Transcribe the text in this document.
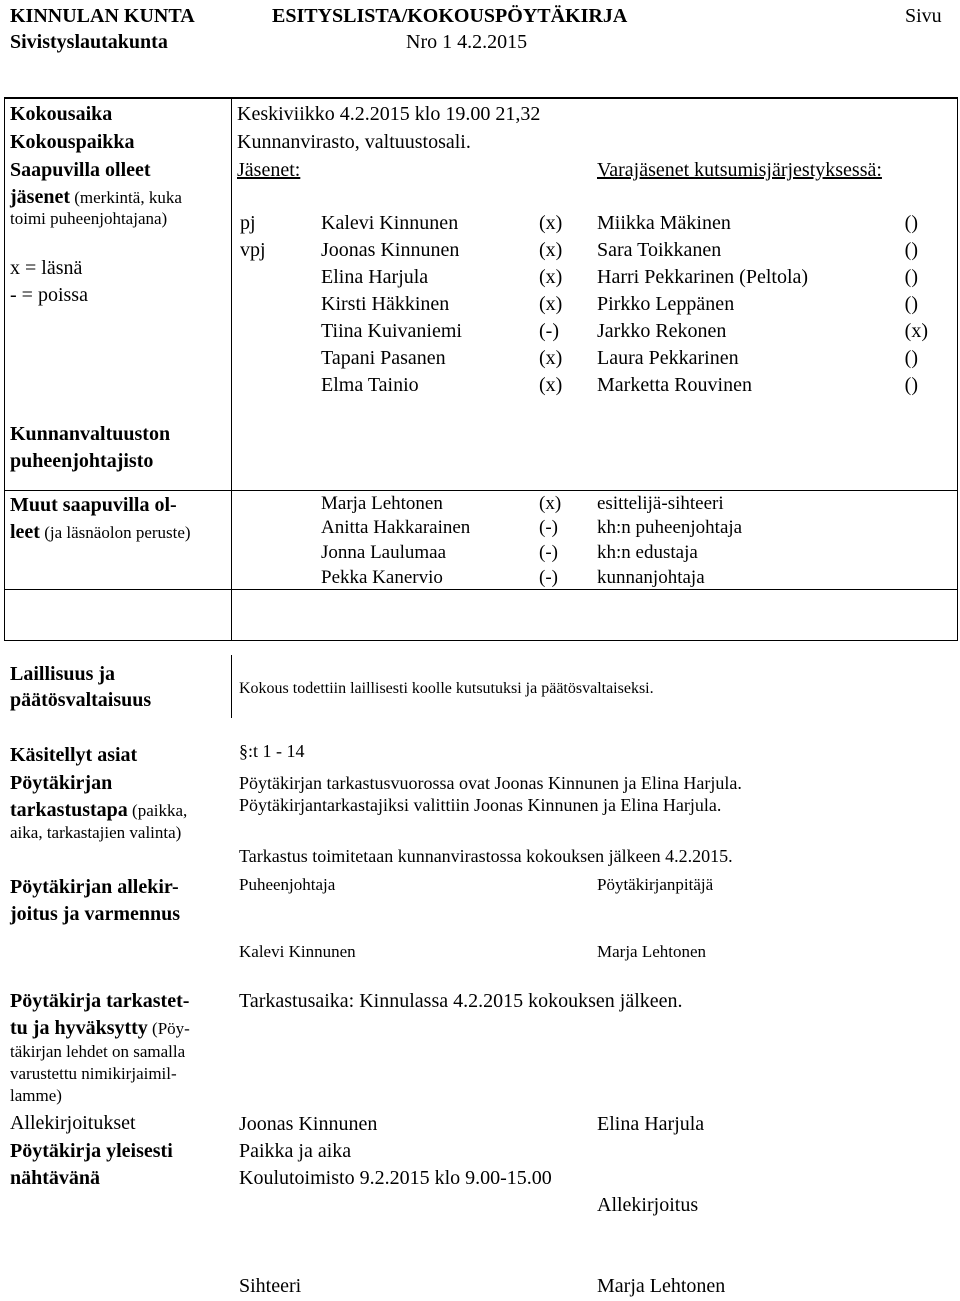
KINNULAN KUNTA	ESITYSLISTA/KOKOUSPÖYTÄKIRJA	Sivu
Sivistyslautakunta	Nro 1 4.2.2015
Kokousaika	Keskiviikko 4.2.2015 klo 19.00 21,32
Kokouspaikka	Kunnanvirasto, valtuustosali.
Saapuvilla olleet
jäsenet (merkintä, kuka
toimi puheenjohtajana)
x = läsnä
- = poissa
Jäsenet:	Varajäsenet kutsumisjärjestyksessä:
pj	Kalevi Kinnunen	(x) Miikka Mäkinen	()
vpj	Joonas Kinnunen	(x) Sara Toikkanen	()
Elina Harjula	(x) Harri Pekkarinen (Peltola)	()
Kirsti Häkkinen	(x) Pirkko Leppänen	()
Tiina Kuivaniemi	(-) Jarkko Rekonen	(x)
Tapani Pasanen	(x) Laura Pekkarinen	()
Elma Tainio	(x) Marketta Rouvinen	()
Kunnanvaltuuston
puheenjohtajisto
Muut saapuvilla ol-
leet (ja läsnäolon peruste)
Marja Lehtonen	(x) esittelijä-sihteeri
Anitta Hakkarainen	(-) kh:n puheenjohtaja
Jonna Laulumaa	(-) kh:n edustaja
Pekka Kanervio	(-) kunnanjohtaja
Laillisuus ja
päätösvaltaisuus
Kokous todettiin laillisesti koolle kutsutuksi ja päätösvaltaiseksi.
Käsitellyt asiat	§:t 1 - 14
Pöytäkirjan
tarkastustapa (paikka,
aika, tarkastajien valinta)
Pöytäkirjan tarkastusvuorossa ovat Joonas Kinnunen ja Elina Harjula.
Pöytäkirjantarkastajiksi valittiin Joonas Kinnunen ja Elina Harjula.
Tarkastus toimitetaan kunnanvirastossa kokouksen jälkeen 4.2.2015.
Pöytäkirjan allekir-
joitus ja varmennus
Puheenjohtaja	Pöytäkirjanpitäjä
Kalevi Kinnunen	Marja Lehtonen
Pöytäkirja tarkastet-
tu ja hyväksytty (Pöy-
täkirjan lehdet on samalla
varustettu nimikirjaimil-
lamme)
Tarkastusaika: Kinnulassa 4.2.2015 kokouksen jälkeen.
Allekirjoitukset	Joonas Kinnunen	Elina Harjula
Pöytäkirja yleisesti
nähtävänä
Paikka ja aika
Koulutoimisto 9.2.2015 klo 9.00-15.00
Allekirjoitus
Sihteeri	Marja Lehtonen
